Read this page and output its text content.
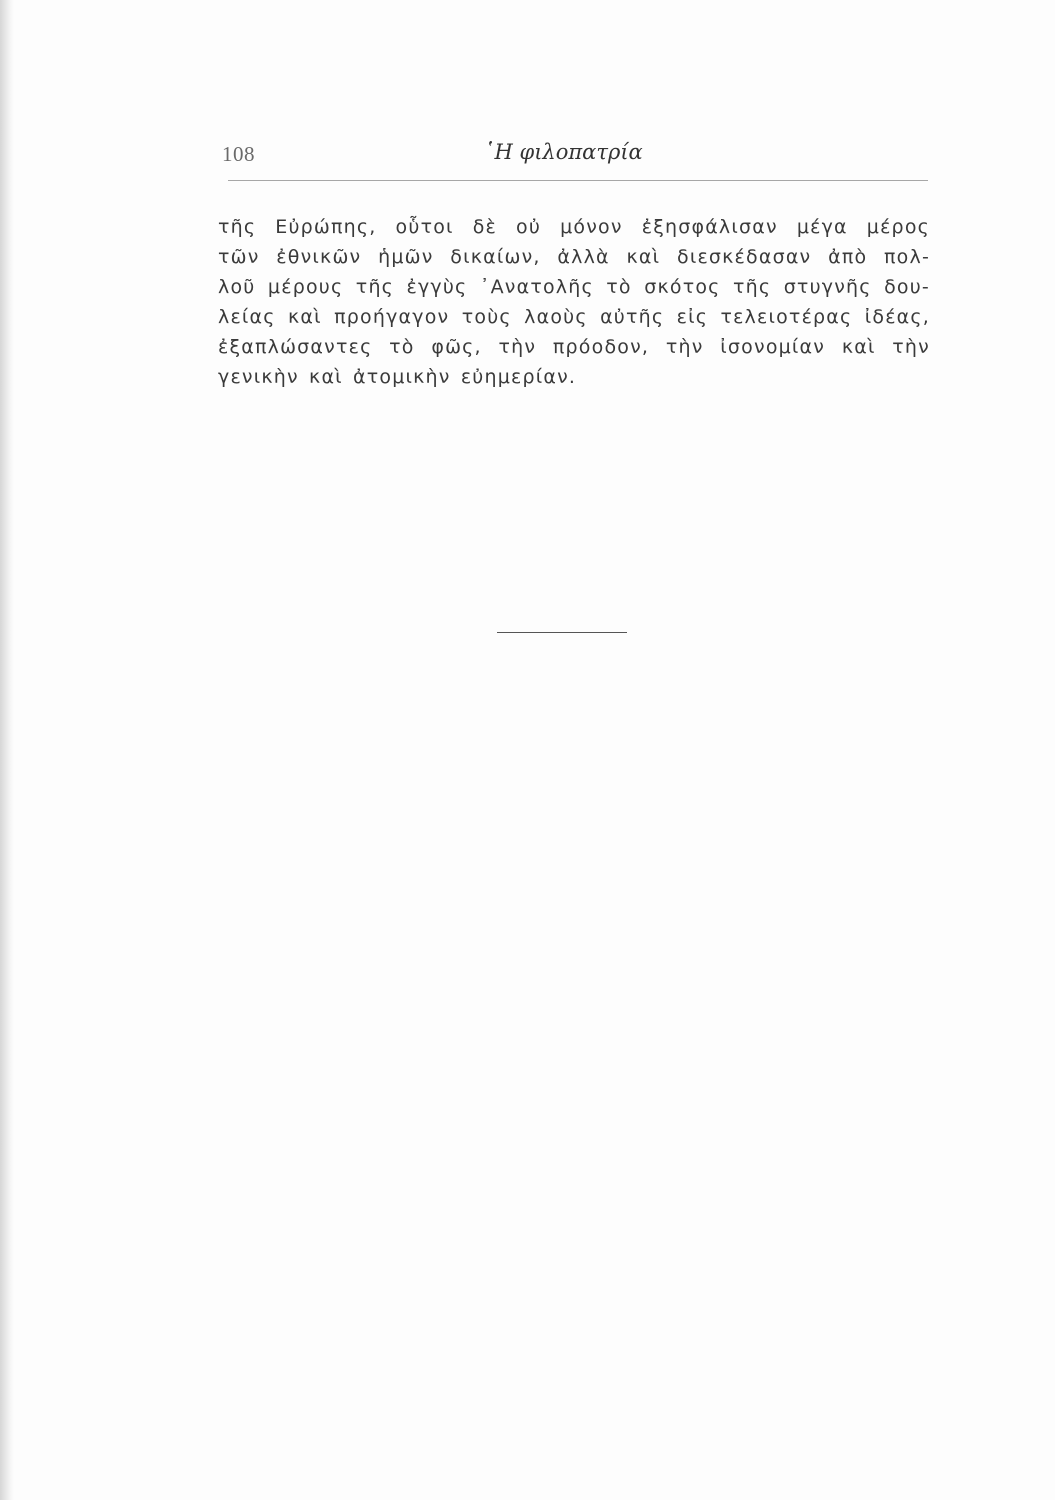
108	῾Η φιλοπατρία
τῆς Εὐρώπης, οὗτοι δὲ οὐ μόνον ἐξησφάλισαν μέγα μέρος
τῶν ἐθνικῶν ἡμῶν δικαίων, ἀλλὰ καὶ διεσκέδασαν ἀπὸ πολ-
λοῦ μέρους τῆς ἐγγὺς ᾿Ανατολῆς τὸ σκότος τῆς στυγνῆς δου-
λείας καὶ προήγαγον τοὺς λαοὺς αὐτῆς εἰς τελειοτέρας ἰδέας,
ἐξαπλώσαντες τὸ φῶς, τὴν πρόοδον, τὴν ἰσονομίαν καὶ τὴν
γενικὴν καὶ ἀτομικὴν εὐημερίαν.
